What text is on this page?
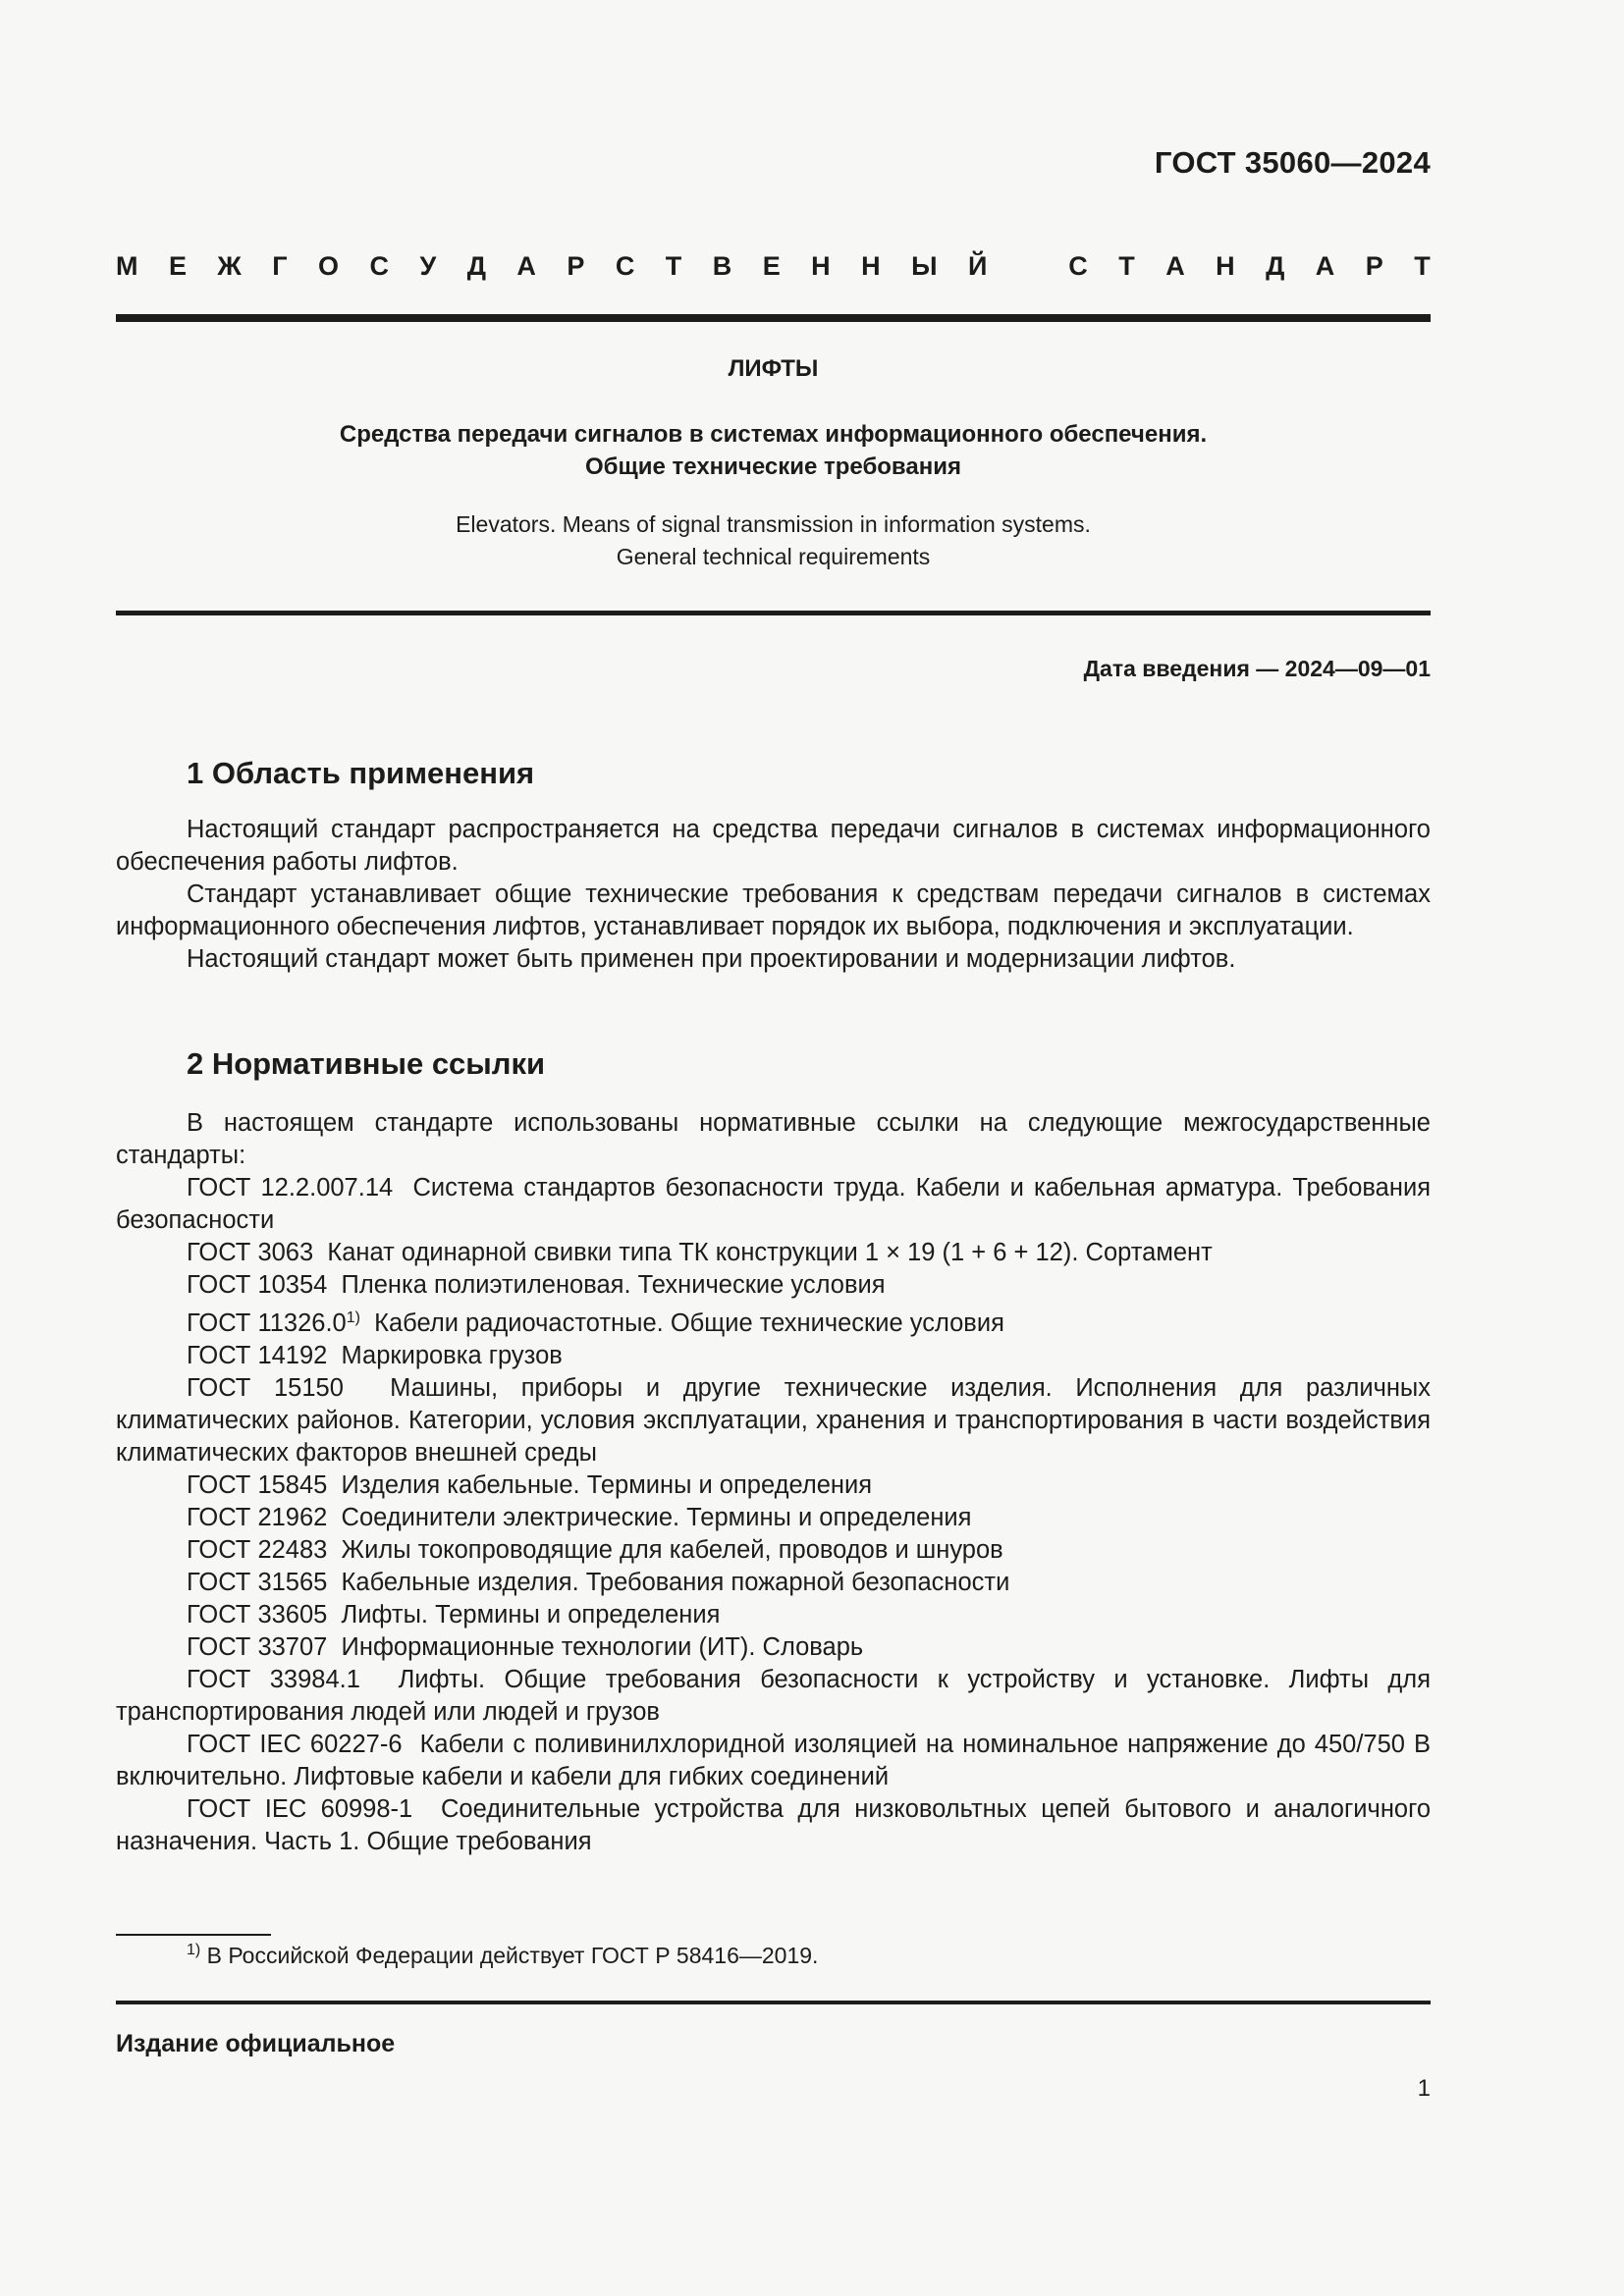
ГОСТ 35060—2024
М Е Ж Г О С У Д А Р С Т В Е Н Н Ы Й	С Т А Н Д А Р Т
ЛИФТЫ
Средства передачи сигналов в системах информационного обеспечения.
Общие технические требования
Elevators. Means of signal transmission in information systems.
General technical requirements
Дата введения — 2024—09—01
1 Область применения

Настоящий стандарт распространяется на средства передачи сигналов в системах информационного обеспечения работы лифтов.

Стандарт устанавливает общие технические требования к средствам передачи сигналов в системах информационного обеспечения лифтов, устанавливает порядок их выбора, подключения и эксплуатации.

Настоящий стандарт может быть применен при проектировании и модернизации лифтов.

2 Нормативные ссылки

В настоящем стандарте использованы нормативные ссылки на следующие межгосударственные стандарты:

ГОСТ 12.2.007.14 Система стандартов безопасности труда. Кабели и кабельная арматура. Требования безопасности

ГОСТ 3063 Канат одинарной свивки типа ТК конструкции 1 × 19 (1 + 6 + 12). Сортамент

ГОСТ 10354 Пленка полиэтиленовая. Технические условия

ГОСТ 11326.0$^{1)}$ Кабели радиочастотные. Общие технические условия

ГОСТ 14192 Маркировка грузов

ГОСТ 15150 Машины, приборы и другие технические изделия. Исполнения для различных климатических районов. Категории, условия эксплуатации, хранения и транспортирования в части воздействия климатических факторов внешней среды

ГОСТ 15845 Изделия кабельные. Термины и определения

ГОСТ 21962 Соединители электрические. Термины и определения

ГОСТ 22483 Жилы токопроводящие для кабелей, проводов и шнуров

ГОСТ 31565 Кабельные изделия. Требования пожарной безопасности

ГОСТ 33605 Лифты. Термины и определения

ГОСТ 33707 Информационные технологии (ИТ). Словарь

ГОСТ 33984.1 Лифты. Общие требования безопасности к устройству и установке. Лифты для транспортирования людей или людей и грузов

ГОСТ IEC 60227-6 Кабели с поливинилхлоридной изоляцией на номинальное напряжение до 450/750 В включительно. Лифтовые кабели и кабели для гибких соединений

ГОСТ IEC 60998-1 Соединительные устройства для низковольтных цепей бытового и аналогичного назначения. Часть 1. Общие требования

$^{1)}$ В Российской Федерации действует ГОСТ Р 58416—2019.
Издание официальное
1
